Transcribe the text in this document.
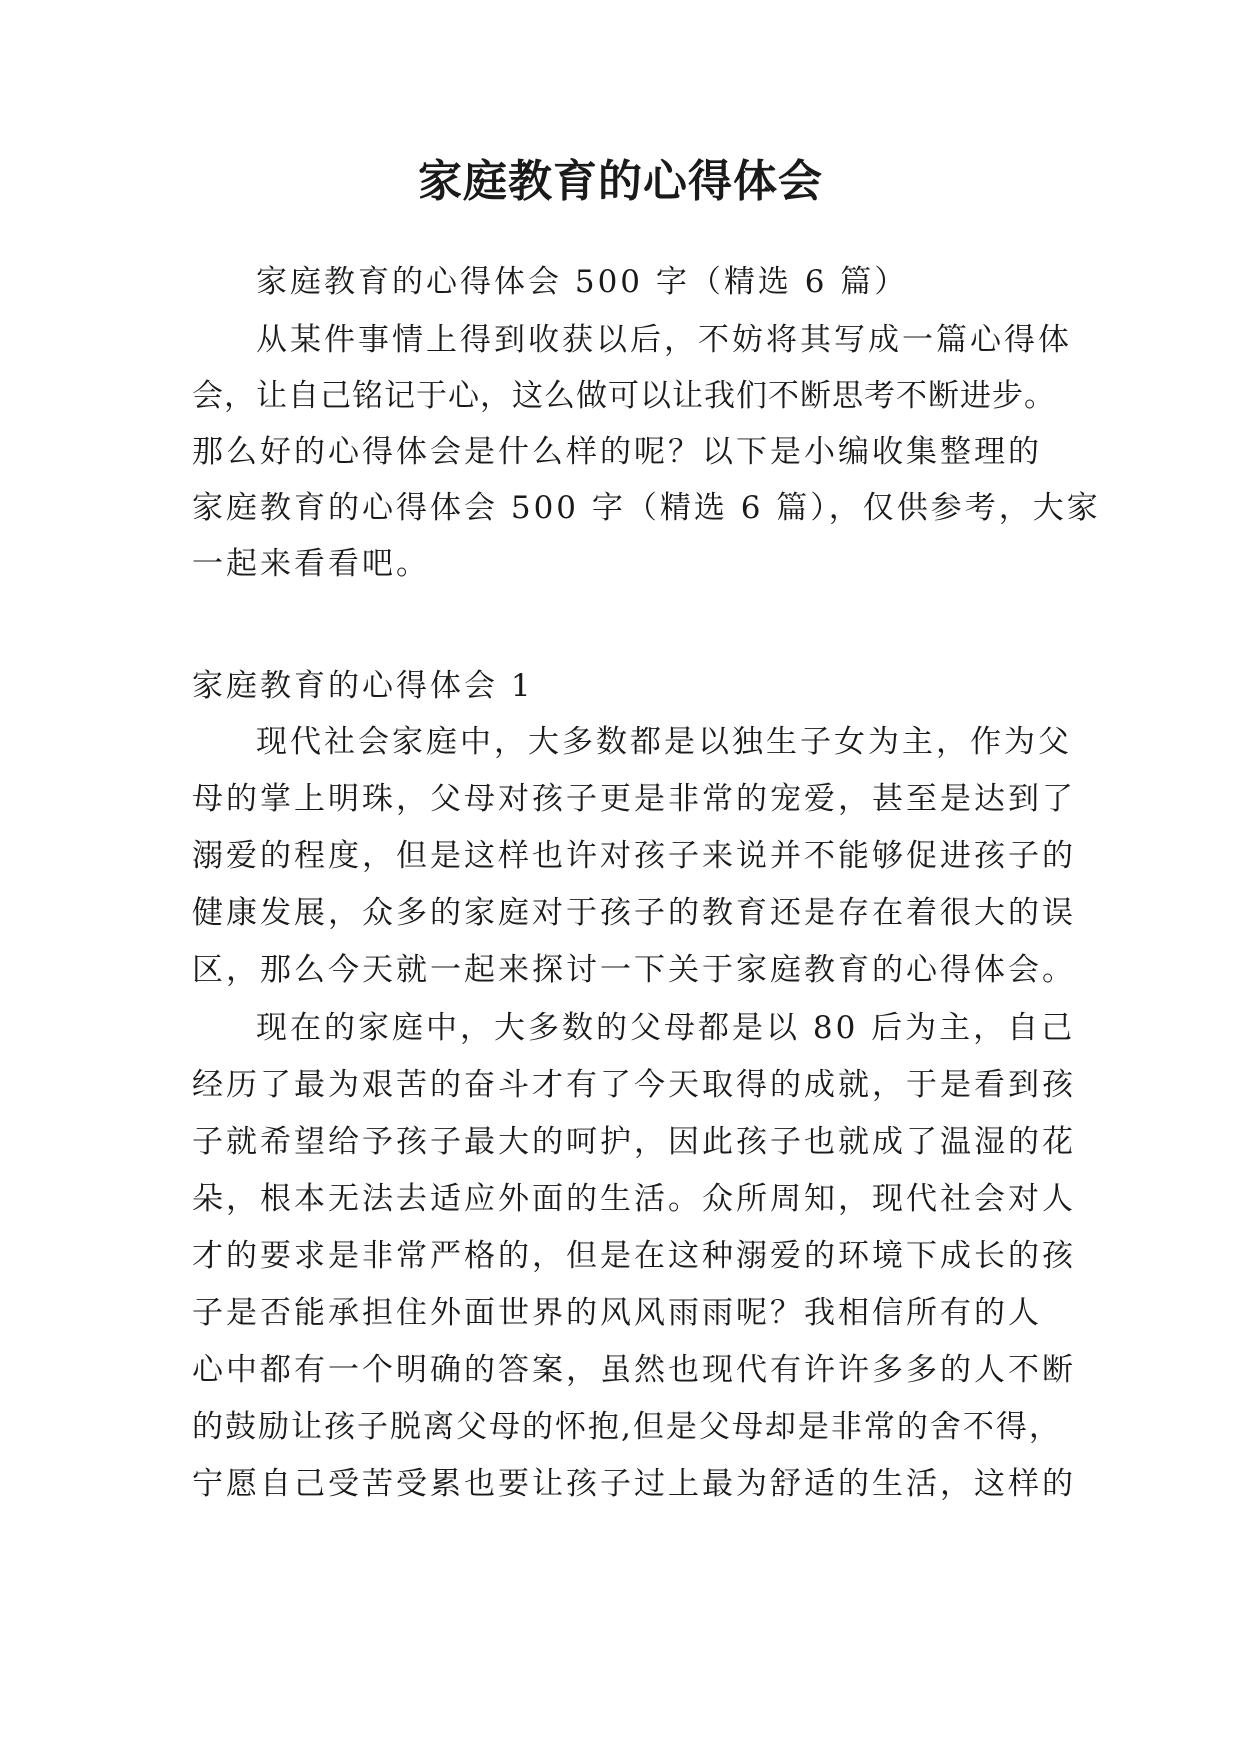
家庭教育的心得体会

家庭教育的心得体会 500 字（精选 6 篇）

从某件事情上得到收获以后，不妨将其写成一篇心得体

会，让自己铭记于心，这么做可以让我们不断思考不断进步。

那么好的心得体会是什么样的呢？以下是小编收集整理的

家庭教育的心得体会 500 字（精选 6 篇），仅供参考，大家

一起来看看吧。

家庭教育的心得体会 1

现代社会家庭中，大多数都是以独生子女为主，作为父

母的掌上明珠，父母对孩子更是非常的宠爱，甚至是达到了

溺爱的程度，但是这样也许对孩子来说并不能够促进孩子的

健康发展，众多的家庭对于孩子的教育还是存在着很大的误

区，那么今天就一起来探讨一下关于家庭教育的心得体会。

现在的家庭中，大多数的父母都是以 80 后为主，自己

经历了最为艰苦的奋斗才有了今天取得的成就，于是看到孩

子就希望给予孩子最大的呵护，因此孩子也就成了温湿的花

朵，根本无法去适应外面的生活。众所周知，现代社会对人

才的要求是非常严格的，但是在这种溺爱的环境下成长的孩

子是否能承担住外面世界的风风雨雨呢？我相信所有的人

心中都有一个明确的答案，虽然也现代有许许多多的人不断

的鼓励让孩子脱离父母的怀抱,但是父母却是非常的舍不得，

宁愿自己受苦受累也要让孩子过上最为舒适的生活，这样的
